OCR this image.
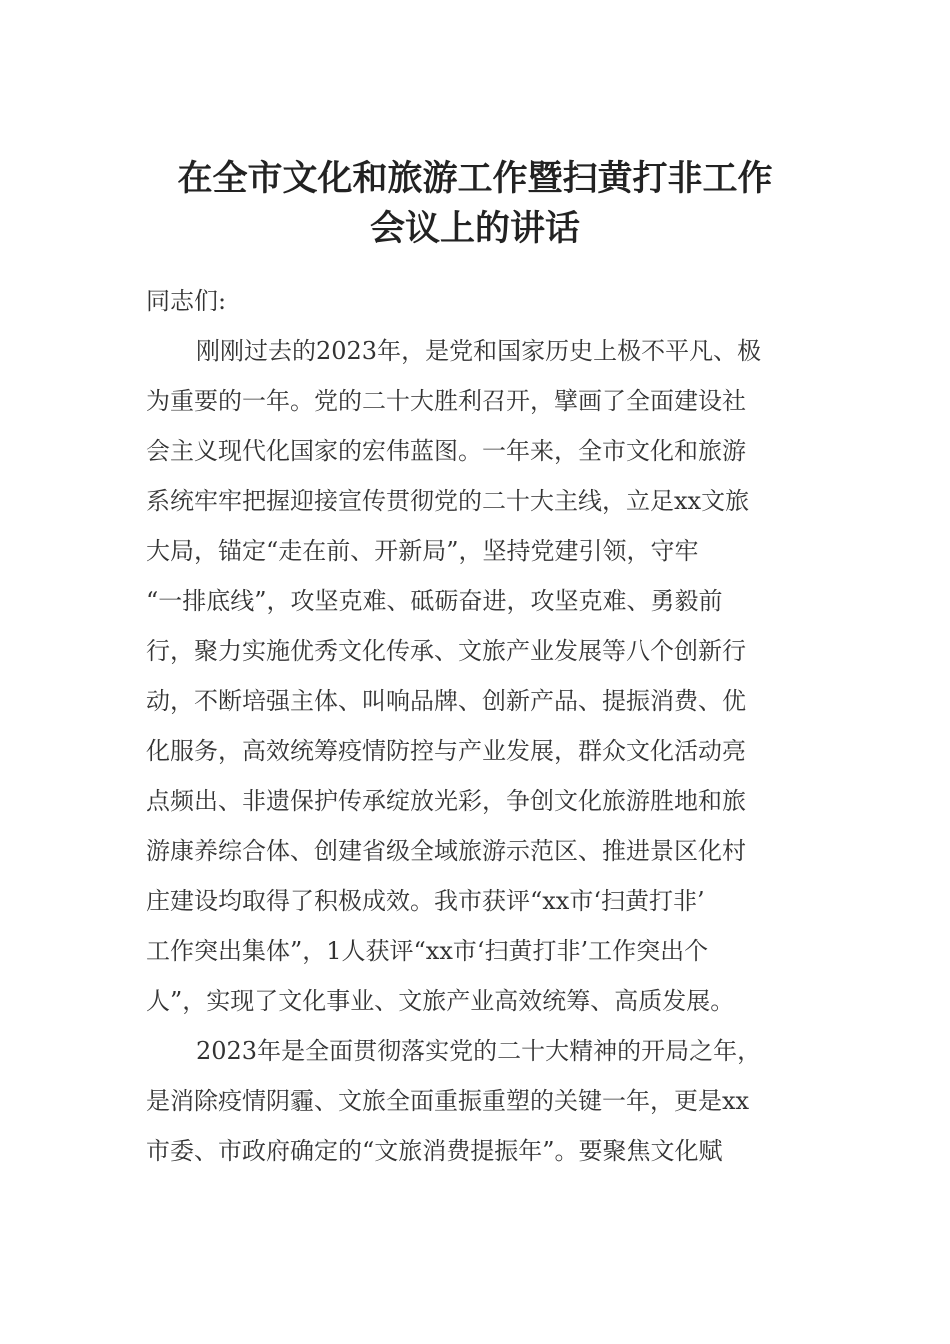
在全市文化和旅游工作暨扫黄打非工作
会议上的讲话
同志们:
刚刚过去的2023年，是党和国家历史上极不平凡、极
为重要的一年。党的二十大胜利召开，擘画了全面建设社
会主义现代化国家的宏伟蓝图。一年来，全市文化和旅游
系统牢牢把握迎接宣传贯彻党的二十大主线，立足xx文旅
大局，锚定“走在前、开新局”，坚持党建引领，守牢
“一排底线”，攻坚克难、砥砺奋进，攻坚克难、勇毅前
行，聚力实施优秀文化传承、文旅产业发展等八个创新行
动，不断培强主体、叫响品牌、创新产品、提振消费、优
化服务，高效统筹疫情防控与产业发展，群众文化活动亮
点频出、非遗保护传承绽放光彩，争创文化旅游胜地和旅
游康养综合体、创建省级全域旅游示范区、推进景区化村
庄建设均取得了积极成效。我市获评“xx市‘扫黄打非’
工作突出集体”，1人获评“xx市‘扫黄打非’工作突出个
人”，实现了文化事业、文旅产业高效统筹、高质发展。
2023年是全面贯彻落实党的二十大精神的开局之年，
是消除疫情阴霾、文旅全面重振重塑的关键一年，更是xx
市委、市政府确定的“文旅消费提振年”。要聚焦文化赋
